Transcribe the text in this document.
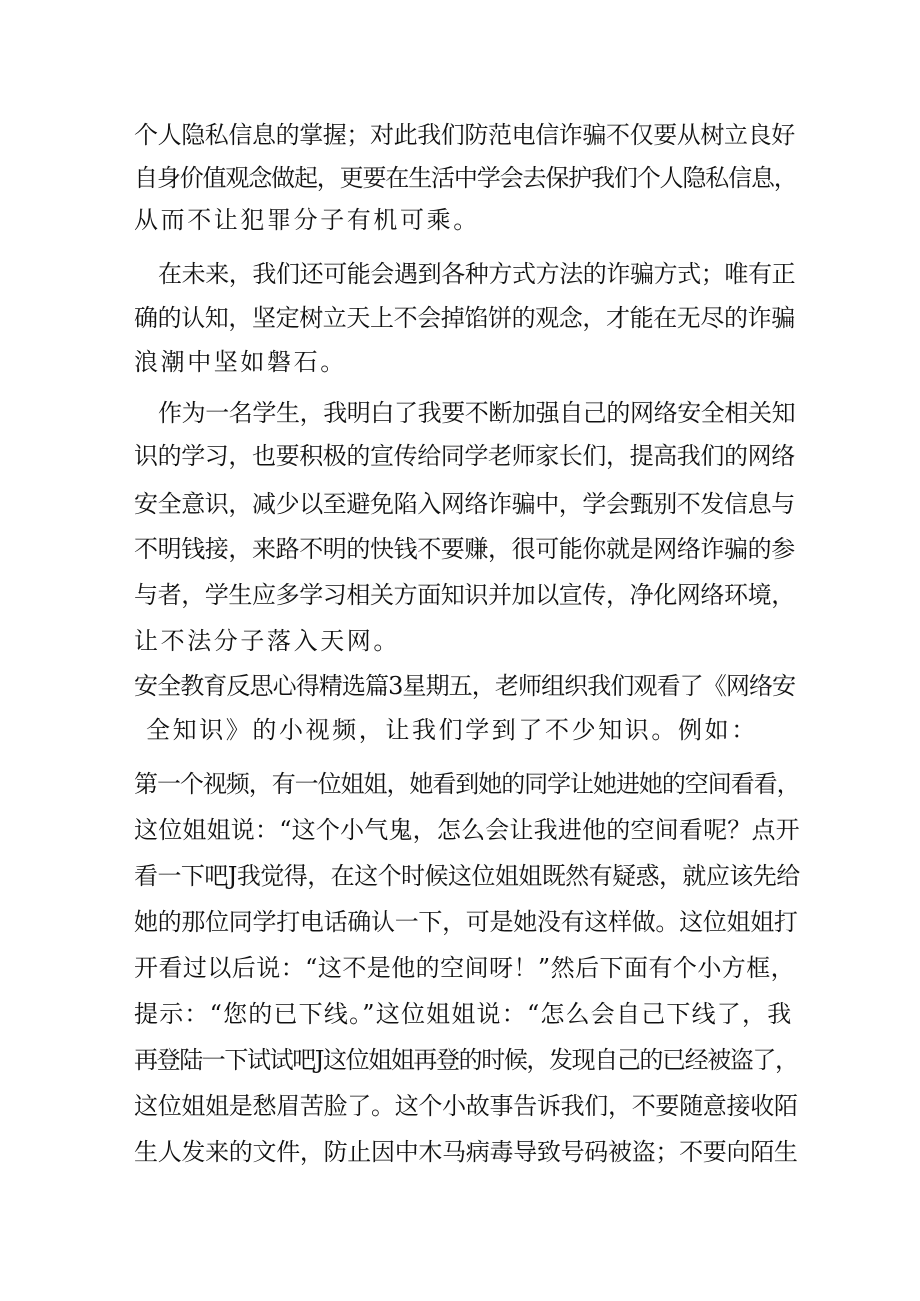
个人隐私信息的掌握；对此我们防范电信诈骗不仅要从树立良好
自身价值观念做起，更要在生活中学会去保护我们个人隐私信息，
从而不让犯罪分子有机可乘。
在未来，我们还可能会遇到各种方式方法的诈骗方式；唯有正
确的认知，坚定树立天上不会掉馅饼的观念，才能在无尽的诈骗
浪潮中坚如磐石。
作为一名学生，我明白了我要不断加强自己的网络安全相关知
识的学习，也要积极的宣传给同学老师家长们，提高我们的网络
安全意识，减少以至避免陷入网络诈骗中，学会甄别不发信息与
不明钱接，来路不明的快钱不要赚，很可能你就是网络诈骗的参
与者，学生应多学习相关方面知识并加以宣传，净化网络环境，
让不法分子落入天网。
安全教育反思心得精选篇3星期五，老师组织我们观看了《网络安
全知识》的小视频，让我们学到了不少知识。例如：
第一个视频，有一位姐姐，她看到她的同学让她进她的空间看看，
这位姐姐说：“这个小气鬼，怎么会让我进他的空间看呢？点开
看一下吧J我觉得，在这个时候这位姐姐既然有疑惑，就应该先给
她的那位同学打电话确认一下，可是她没有这样做。这位姐姐打
开看过以后说：“这不是他的空间呀！”然后下面有个小方框，
提示：“您的已下线。”这位姐姐说：“怎么会自己下线了，我
再登陆一下试试吧J这位姐姐再登的时候，发现自己的已经被盗了，
这位姐姐是愁眉苦脸了。这个小故事告诉我们，不要随意接收陌
生人发来的文件，防止因中木马病毒导致号码被盗；不要向陌生
